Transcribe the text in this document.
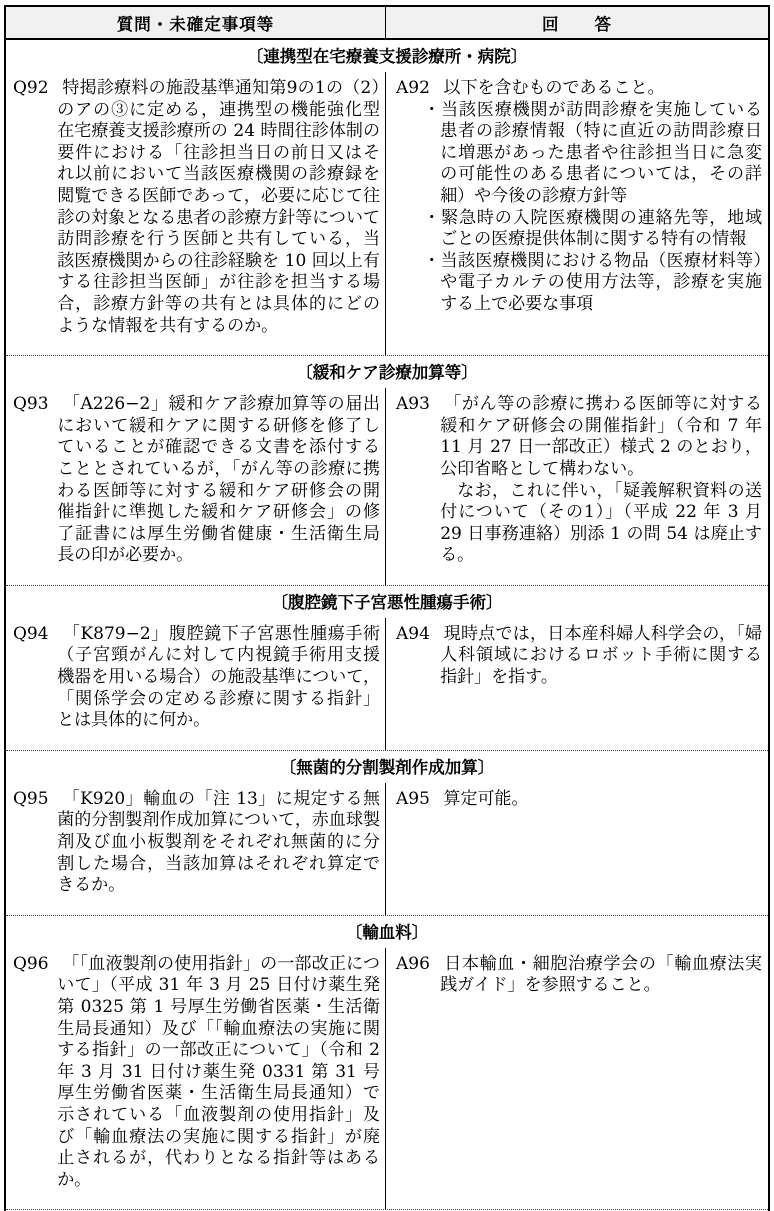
質問・未確定事項等	回　　答
〔連携型在宅療養支援診療所・病院〕

Q92 特掲診療料の施設基準通知第9の1の（2）のアの③に定める，連携型の機能強化型在宅療養支援診療所の 24 時間往診体制の要件における「往診担当日の前日又はそれ以前において当該医療機関の診療録を閲覧できる医師であって，必要に応じて往診の対象となる患者の診療方針等について訪問診療を行う医師と共有している，当該医療機関からの往診経験を 10 回以上有する往診担当医師」が往診を担当する場合，診療方針等の共有とは具体的にどのような情報を共有するのか。

A92 以下を含むものであること。

・当該医療機関が訪問診療を実施している患者の診療情報（特に直近の訪問診療日に増悪があった患者や往診担当日に急変の可能性のある患者については，その詳細）や今後の診療方針等

・緊急時の入院医療機関の連絡先等，地域ごとの医療提供体制に関する特有の情報

・当該医療機関における物品（医療材料等）や電子カルテの使用方法等，診療を実施する上で必要な事項

〔緩和ケア診療加算等〕

Q93 「A226−2」緩和ケア診療加算等の届出において緩和ケアに関する研修を修了していることが確認できる文書を添付することとされているが，「がん等の診療に携わる医師等に対する緩和ケア研修会の開催指針に準拠した緩和ケア研修会」の修了証書には厚生労働省健康・生活衛生局長の印が必要か。

A93 「がん等の診療に携わる医師等に対する緩和ケア研修会の開催指針」（令和 7 年 11 月 27 日一部改正）様式 2 のとおり，公印省略として構わない。

なお，これに伴い，「疑義解釈資料の送付について（その1）」（平成 22 年 3 月 29 日事務連絡）別添 1 の問 54 は廃止する。

〔腹腔鏡下子宮悪性腫瘍手術〕

Q94 「K879−2」腹腔鏡下子宮悪性腫瘍手術（子宮頸がんに対して内視鏡手術用支援機器を用いる場合）の施設基準について，「関係学会の定める診療に関する指針」とは具体的に何か。

A94 現時点では，日本産科婦人科学会の，「婦人科領域におけるロボット手術に関する指針」を指す。

〔無菌的分割製剤作成加算〕

Q95 「K920」輸血の「注 13」に規定する無菌的分割製剤作成加算について，赤血球製剤及び血小板製剤をそれぞれ無菌的に分割した場合，当該加算はそれぞれ算定できるか。

A95 算定可能。

〔輸血料〕

Q96 「「血液製剤の使用指針」の一部改正について」（平成 31 年 3 月 25 日付け薬生発第 0325 第 1 号厚生労働省医薬・生活衛生局長通知）及び「「輸血療法の実施に関する指針」の一部改正について」（令和 2 年 3 月 31 日付け薬生発 0331 第 31 号厚生労働省医薬・生活衛生局長通知）で示されている「血液製剤の使用指針」及び「輸血療法の実施に関する指針」が廃止されるが，代わりとなる指針等はあるか。

A96 日本輸血・細胞治療学会の「輸血療法実践ガイド」を参照すること。
